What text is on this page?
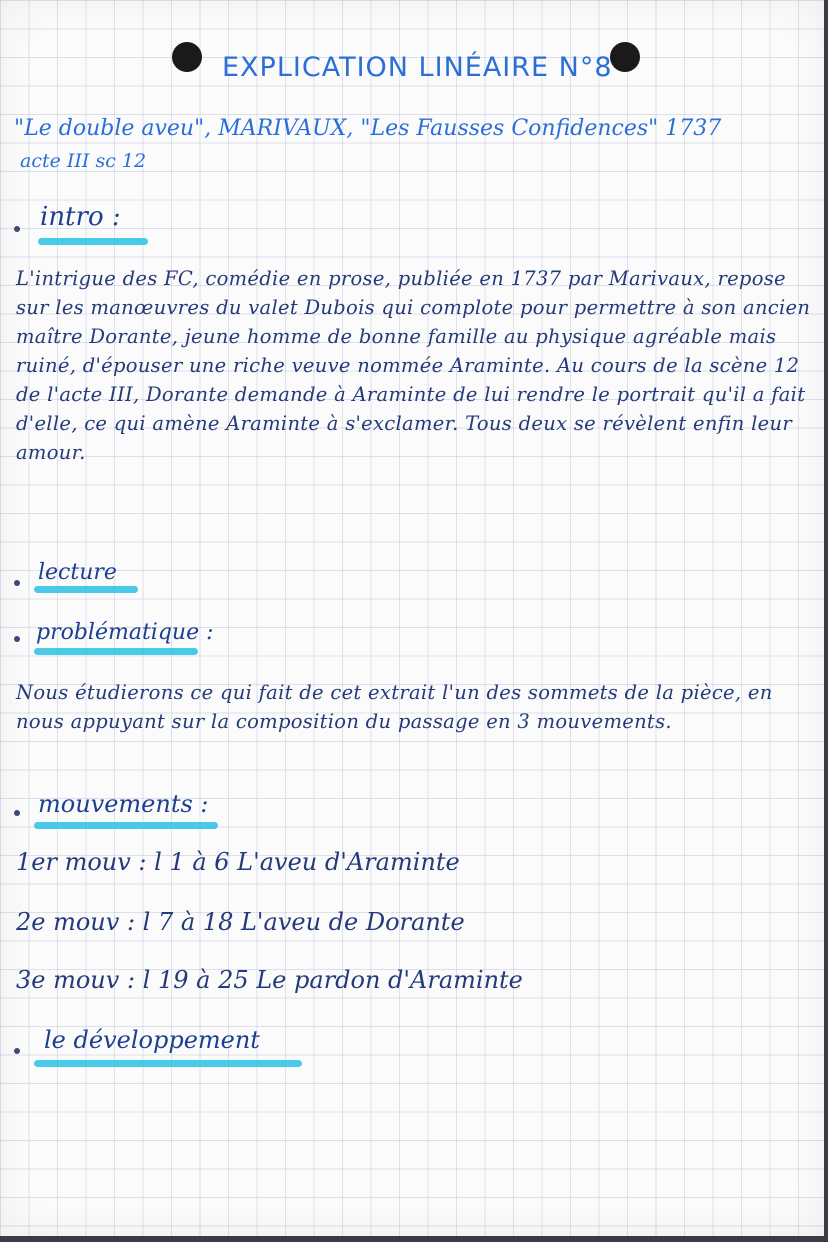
EXPLICATION LINÉAIRE N°8
"Le double aveu", MARIVAUX, "Les Fausses Confidences" 1737
acte III sc 12
intro :
L'intrigue des FC, comédie en prose, publiée en 1737 par Marivaux, repose sur les manœuvres du valet Dubois qui complote pour permettre à son ancien maître Dorante, jeune homme de bonne famille au physique agréable mais ruiné, d'épouser une riche veuve nommée Araminte. Au cours de la scène 12 de l'acte III, Dorante demande à Araminte de lui rendre le portrait qu'il a fait d'elle, ce qui amène Araminte à s'exclamer. Tous deux se révèlent enfin leur amour.
lecture
problématique :
Nous étudierons ce qui fait de cet extrait l'un des sommets de la pièce, en nous appuyant sur la composition du passage en 3 mouvements.
mouvements :
1er mouv : l 1 à 6 L'aveu d'Araminte
2e mouv : l 7 à 18 L'aveu de Dorante
3e mouv : l 19 à 25 Le pardon d'Araminte
le développement
